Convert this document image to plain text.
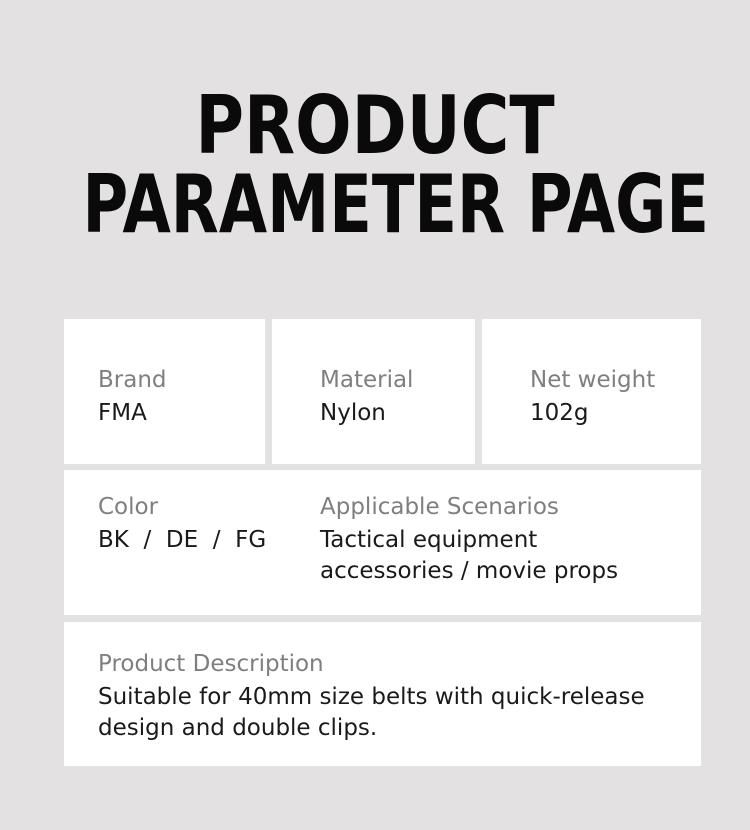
PRODUCT
PARAMETER PAGE
Brand
FMA
Material
Nylon
Net weight
102g
Color
BK  /  DE  /  FG
Applicable Scenarios
Tactical equipment
accessories / movie props
Product Description
Suitable for 40mm size belts with quick-release
design and double clips.
